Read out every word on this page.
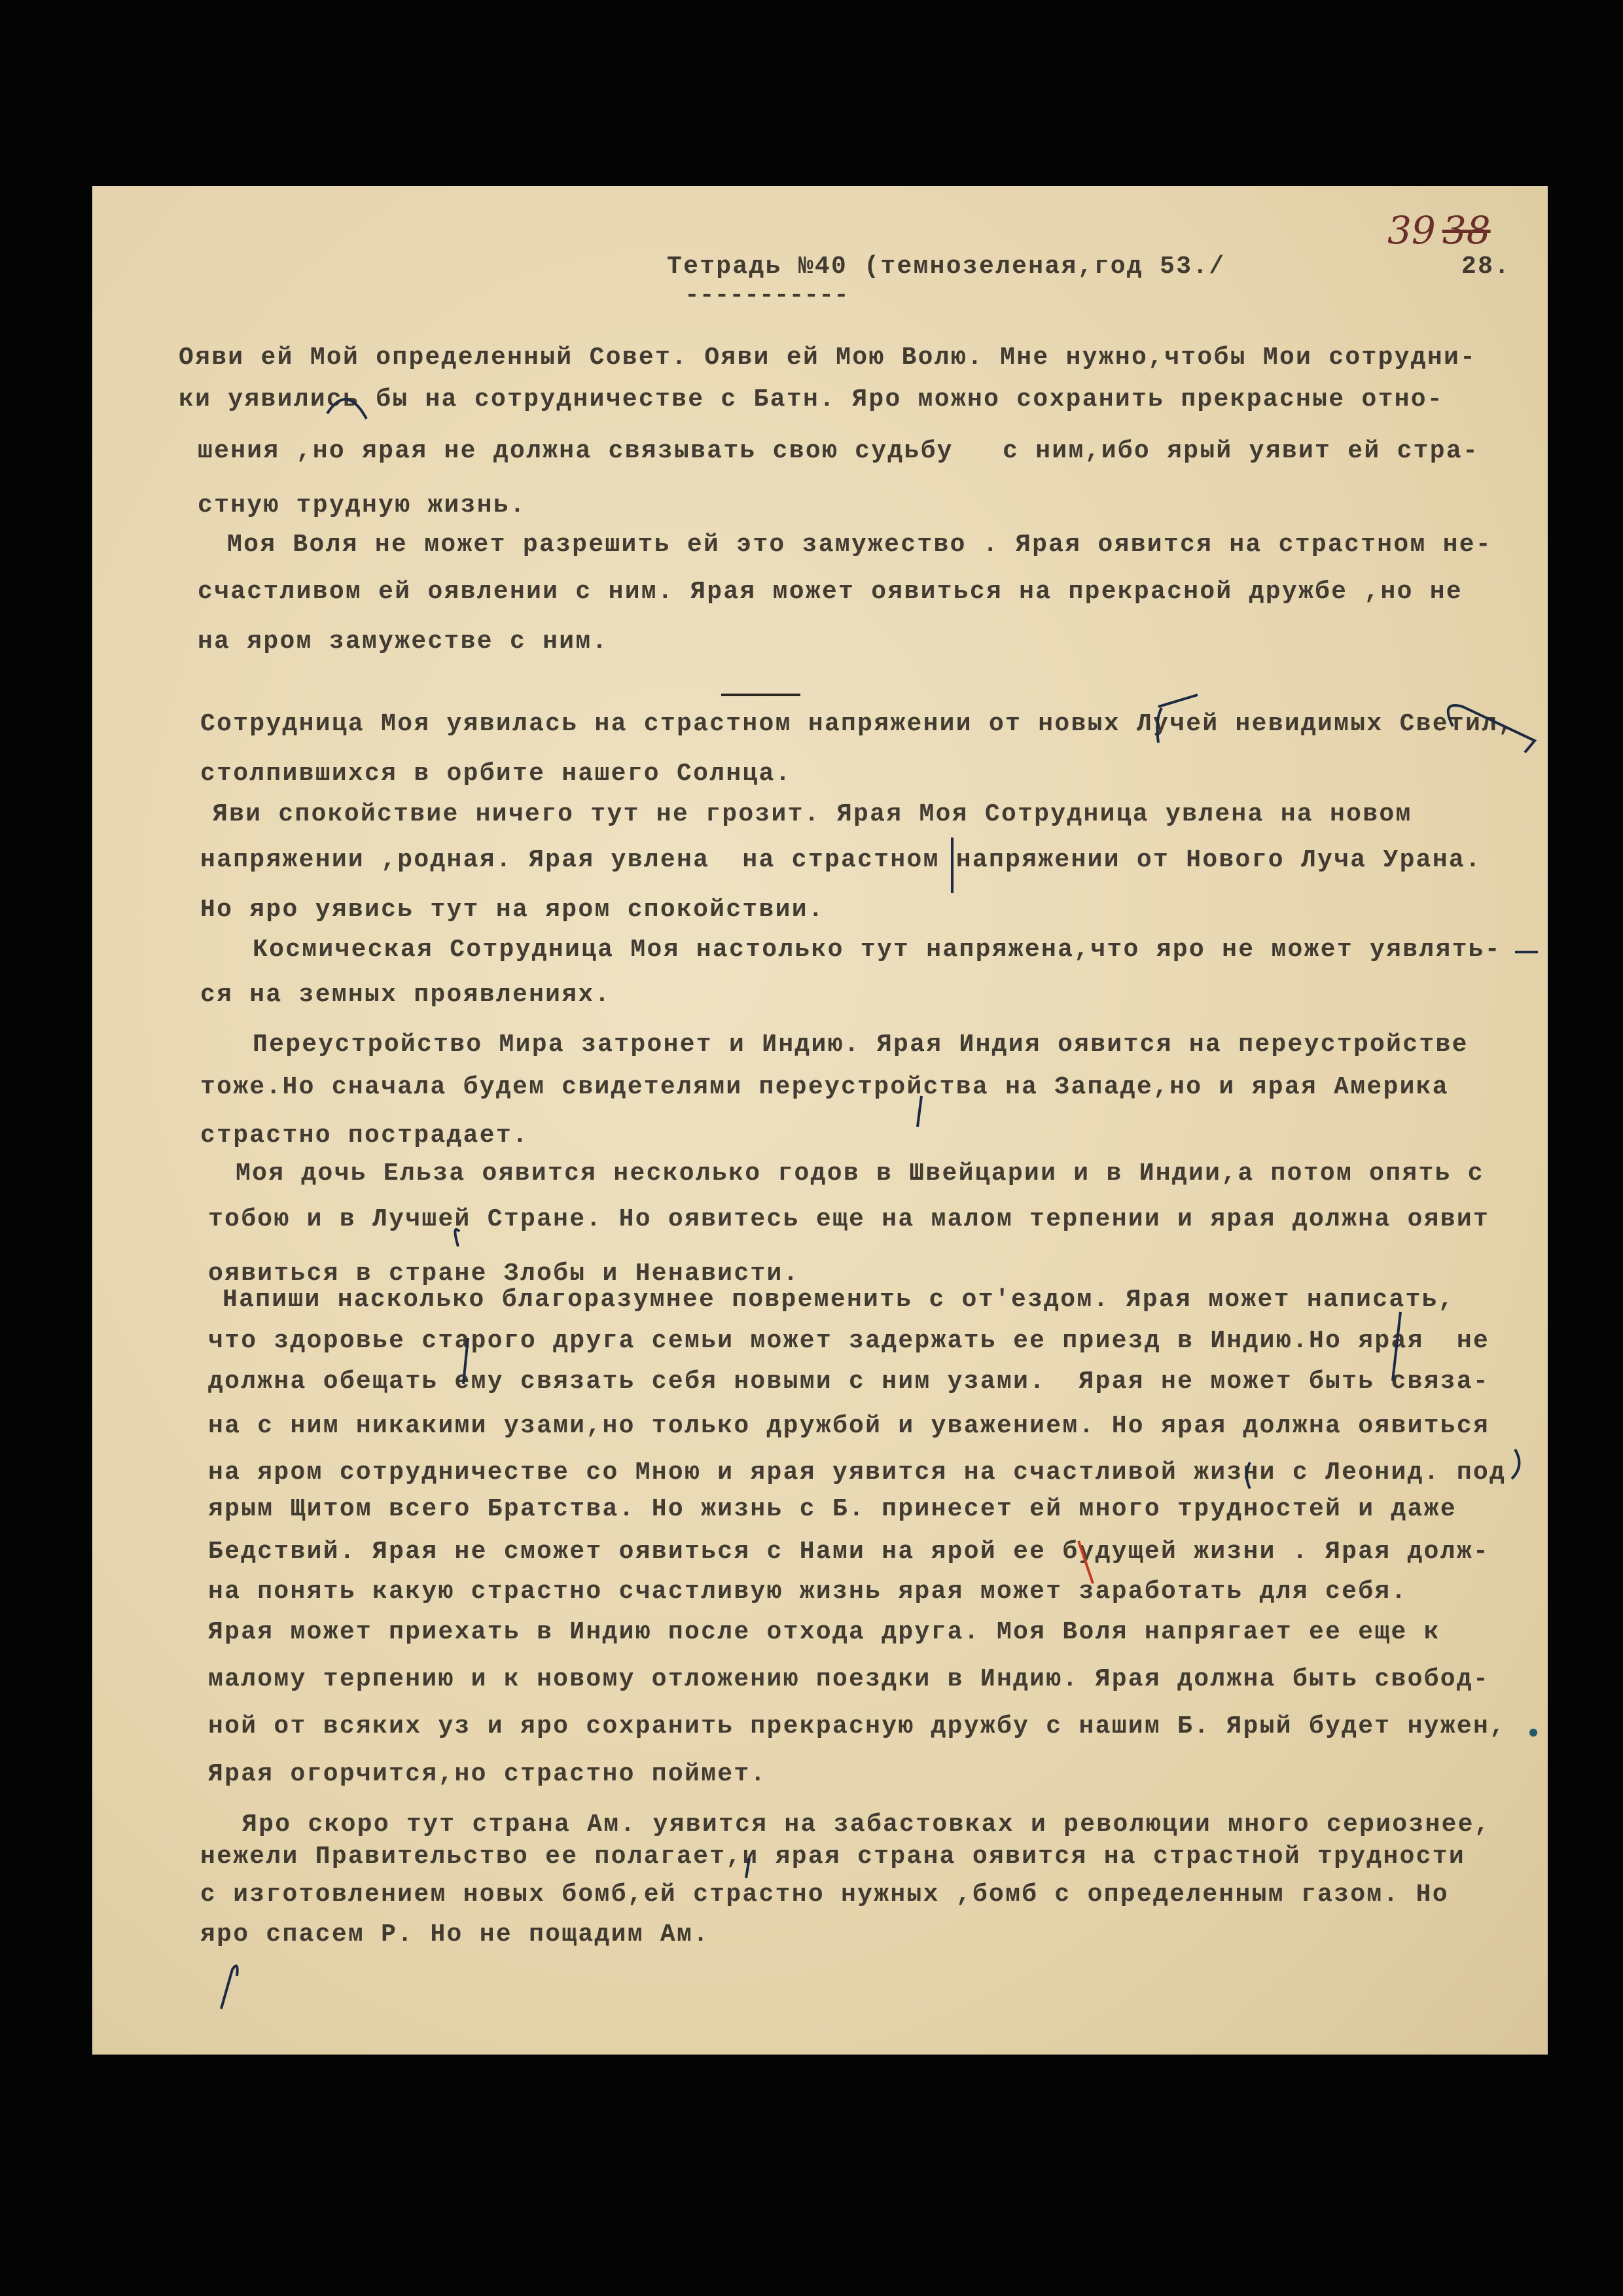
39 38
Тетрадь №40 (темнозеленая,год 53./	28.
-----------
Ояви ей Мой определенный Совет. Ояви ей Мою Волю. Мне нужно,чтобы Мои сотрудни-
ки уявились бы на сотрудничестве с Батн. Яро можно сохранить прекрасные отно-
шения ,но ярая не должна связывать свою судьбу   с ним,ибо ярый уявит ей стра-
стную трудную жизнь.
Моя Воля не может разрешить ей это замужество . Ярая оявится на страстном не-
счастливом ей оявлении с ним. Ярая может оявиться на прекрасной дружбе ,но не
на яром замужестве с ним.
Сотрудница Моя уявилась на страстном напряжении от новых Лучей невидимых Светил,
столпившихся в орбите нашего Солнца.
Яви спокойствие ничего тут не грозит. Ярая Моя Сотрудница увлена на новом
напряжении ,родная. Ярая увлена  на страстном напряжении от Нового Луча Урана.
Но яро уявись тут на яром спокойствии.
Космическая Сотрудница Моя настолько тут напряжена,что яро не может уявлять-
ся на земных проявлениях.
Переустройство Мира затронет и Индию. Ярая Индия оявится на переустройстве
тоже.Но сначала будем свидетелями переустройства на Западе,но и ярая Америка
страстно пострадает.
Моя дочь Ельза оявится несколько годов в Швейцарии и в Индии,а потом опять с
тобою и в Лучшей Стране. Но оявитесь еще на малом терпении и ярая должна оявит
оявиться в стране Злобы и Ненависти.
Напиши насколько благоразумнее повременить с от'ездом. Ярая может написать,
что здоровье старого друга семьи может задержать ее приезд в Индию.Но ярая  не
должна обещать ему связать себя новыми с ним узами.  Ярая не может быть связа-
на с ним никакими узами,но только дружбой и уважением. Но ярая должна оявиться
на яром сотрудничестве со Мною и ярая уявится на счастливой жизни с Леонид. под
ярым Щитом всего Братства. Но жизнь с Б. принесет ей много трудностей и даже
Бедствий. Ярая не сможет оявиться с Нами на ярой ее будущей жизни . Ярая долж-
на понять какую страстно счастливую жизнь ярая может заработать для себя.
Ярая может приехать в Индию после отхода друга. Моя Воля напрягает ее еще к
малому терпению и к новому отложению поездки в Индию. Ярая должна быть свобод-
ной от всяких уз и яро сохранить прекрасную дружбу с нашим Б. Ярый будет нужен,
Ярая огорчится,но страстно поймет.
Яро скоро тут страна Ам. уявится на забастовках и революции много сериознее,
нежели Правительство ее полагает,и ярая страна оявится на страстной трудности
с изготовлением новых бомб,ей страстно нужных ,бомб с определенным газом. Но
яро спасем Р. Но не пощадим Ам.
